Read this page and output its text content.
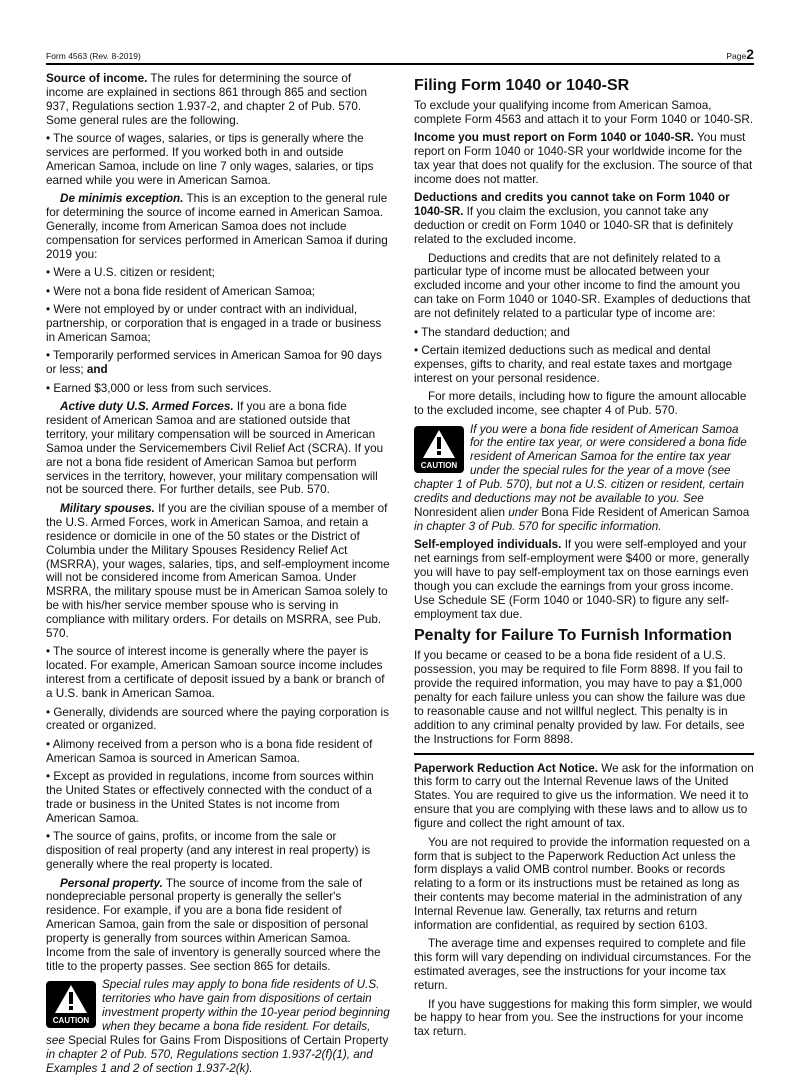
Form 4563 (Rev. 8-2019)	Page2

Source of income. The rules for determining the source of income are explained in sections 861 through 865 and section 937, Regulations section 1.937-2, and chapter 2 of Pub. 570. Some general rules are the following.

• The source of wages, salaries, or tips is generally where the services are performed. If you worked both in and outside American Samoa, include on line 7 only wages, salaries, or tips earned while you were in American Samoa.

De minimis exception. This is an exception to the general rule for determining the source of income earned in American Samoa. Generally, income from American Samoa does not include compensation for services performed in American Samoa if during 2019 you:

• Were a U.S. citizen or resident;

• Were not a bona fide resident of American Samoa;

• Were not employed by or under contract with an individual, partnership, or corporation that is engaged in a trade or business in American Samoa;

• Temporarily performed services in American Samoa for 90 days or less; and

• Earned $3,000 or less from such services.

Active duty U.S. Armed Forces. If you are a bona fide resident of American Samoa and are stationed outside that territory, your military compensation will be sourced in American Samoa under the Servicemembers Civil Relief Act (SCRA). If you are not a bona fide resident of American Samoa but perform services in the territory, however, your military compensation will not be sourced there. For further details, see Pub. 570.

Military spouses. If you are the civilian spouse of a member of the U.S. Armed Forces, work in American Samoa, and retain a residence or domicile in one of the 50 states or the District of Columbia under the Military Spouses Residency Relief Act (MSRRA), your wages, salaries, tips, and self-employment income will not be considered income from American Samoa. Under MSRRA, the military spouse must be in American Samoa solely to be with his/her service member spouse who is serving in compliance with military orders. For details on MSRRA, see Pub. 570.

• The source of interest income is generally where the payer is located. For example, American Samoan source income includes interest from a certificate of deposit issued by a bank or branch of a U.S. bank in American Samoa.

• Generally, dividends are sourced where the paying corporation is created or organized.

• Alimony received from a person who is a bona fide resident of American Samoa is sourced in American Samoa.

• Except as provided in regulations, income from sources within the United States or effectively connected with the conduct of a trade or business in the United States is not income from American Samoa.

• The source of gains, profits, or income from the sale or disposition of real property (and any interest in real property) is generally where the real property is located.

Personal property. The source of income from the sale of nondepreciable personal property is generally the seller's residence. For example, if you are a bona fide resident of American Samoa, gain from the sale or disposition of personal property is generally from sources within American Samoa. Income from the sale of inventory is generally sourced where the title to the property passes. See section 865 for details.

CAUTION
Special rules may apply to bona fide residents of U.S. territories who have gain from dispositions of certain investment property within the 10-year period beginning when they became a bona fide resident. For details, see Special Rules for Gains From Dispositions of Certain Property in chapter 2 of Pub. 570, Regulations section 1.937-2(f)(1), and Examples 1 and 2 of section 1.937-2(k).

Filing Form 1040 or 1040-SR

To exclude your qualifying income from American Samoa, complete Form 4563 and attach it to your Form 1040 or 1040-SR.

Income you must report on Form 1040 or 1040-SR. You must report on Form 1040 or 1040-SR your worldwide income for the tax year that does not qualify for the exclusion. The source of that income does not matter.

Deductions and credits you cannot take on Form 1040 or 1040-SR. If you claim the exclusion, you cannot take any deduction or credit on Form 1040 or 1040-SR that is definitely related to the excluded income.

Deductions and credits that are not definitely related to a particular type of income must be allocated between your excluded income and your other income to find the amount you can take on Form 1040 or 1040-SR. Examples of deductions that are not definitely related to a particular type of income are:

• The standard deduction; and

• Certain itemized deductions such as medical and dental expenses, gifts to charity, and real estate taxes and mortgage interest on your personal residence.

For more details, including how to figure the amount allocable to the excluded income, see chapter 4 of Pub. 570.

CAUTION
If you were a bona fide resident of American Samoa for the entire tax year, or were considered a bona fide resident of American Samoa for the entire tax year under the special rules for the year of a move (see chapter 1 of Pub. 570), but not a U.S. citizen or resident, certain credits and deductions may not be available to you. See Nonresident alien under Bona Fide Resident of American Samoa in chapter 3 of Pub. 570 for specific information.

Self-employed individuals. If you were self-employed and your net earnings from self-employment were $400 or more, generally you will have to pay self-employment tax on those earnings even though you can exclude the earnings from your gross income. Use Schedule SE (Form 1040 or 1040-SR) to figure any self-employment tax due.

Penalty for Failure To Furnish Information

If you became or ceased to be a bona fide resident of a U.S. possession, you may be required to file Form 8898. If you fail to provide the required information, you may have to pay a $1,000 penalty for each failure unless you can show the failure was due to reasonable cause and not willful neglect. This penalty is in addition to any criminal penalty provided by law. For details, see the Instructions for Form 8898.

Paperwork Reduction Act Notice. We ask for the information on this form to carry out the Internal Revenue laws of the United States. You are required to give us the information. We need it to ensure that you are complying with these laws and to allow us to figure and collect the right amount of tax.

You are not required to provide the information requested on a form that is subject to the Paperwork Reduction Act unless the form displays a valid OMB control number. Books or records relating to a form or its instructions must be retained as long as their contents may become material in the administration of any Internal Revenue law. Generally, tax returns and return information are confidential, as required by section 6103.

The average time and expenses required to complete and file this form will vary depending on individual circumstances. For the estimated averages, see the instructions for your income tax return.

If you have suggestions for making this form simpler, we would be happy to hear from you. See the instructions for your income tax return.
